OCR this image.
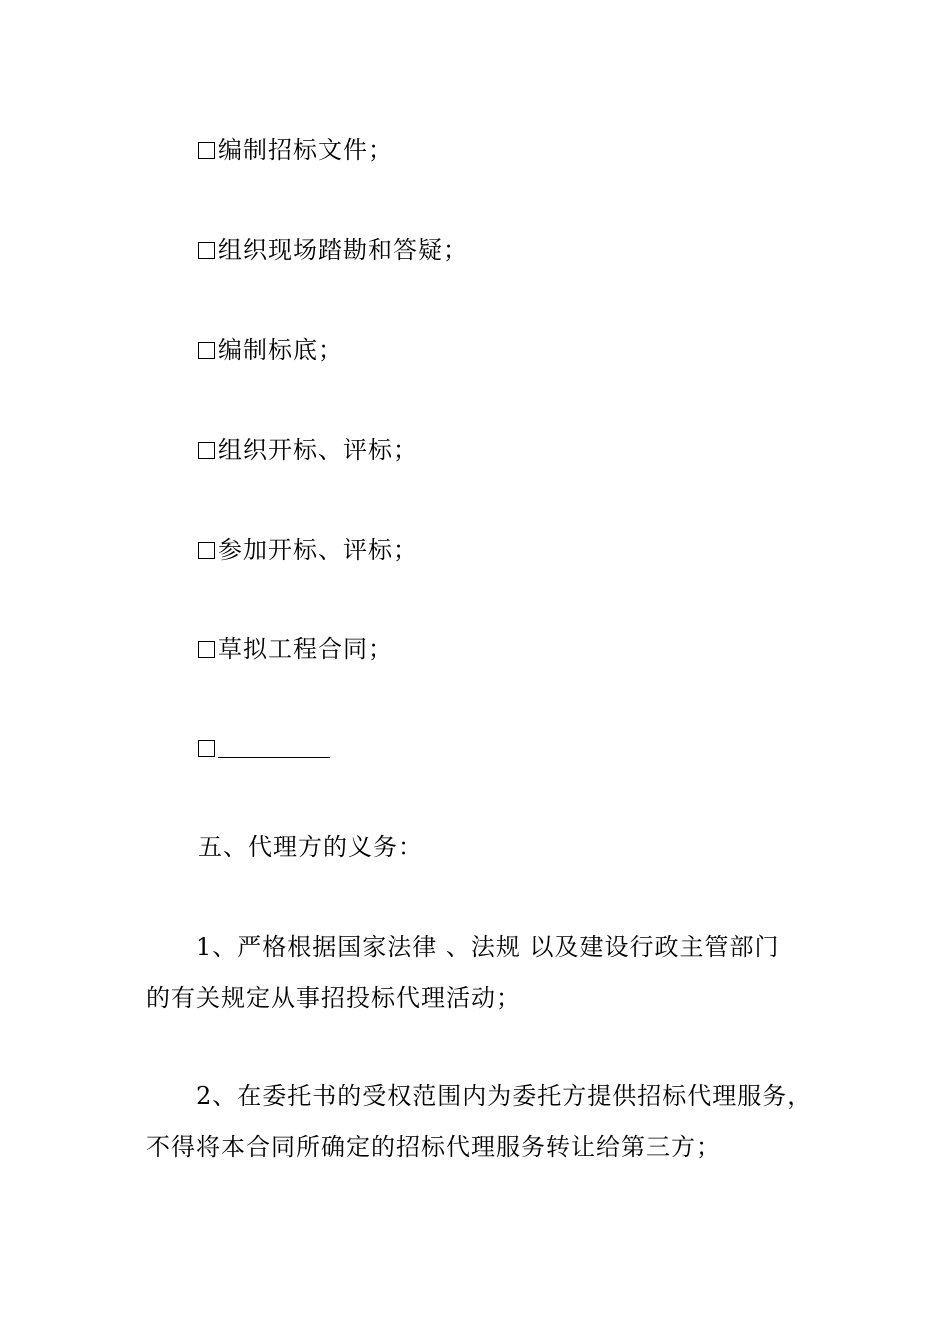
编制招标文件；
组织现场踏勘和答疑；
编制标底；
组织开标、评标；
参加开标、评标；
草拟工程合同；
五、代理方的义务：
1、严格根据国家法律 、法规 以及建设行政主管部门
的有关规定从事招投标代理活动；
2、在委托书的受权范围内为委托方提供招标代理服务，
不得将本合同所确定的招标代理服务转让给第三方；
